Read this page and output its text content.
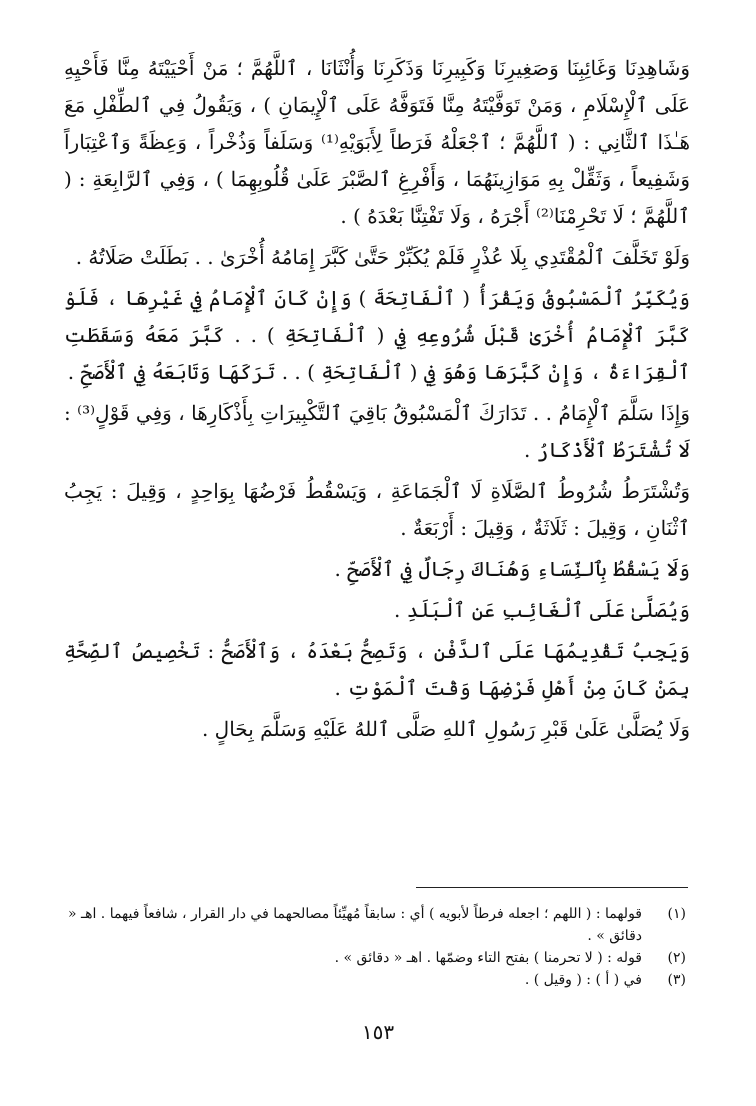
وَشَاهِدِنَا وَغَائِبِنَا وَصَغِيرِنَا وَكَبِيرِنَا وَذَكَرِنَا وَأُنْثَانَا ، ٱللَّهُمَّ ؛ مَنْ أَحْيَيْتَهُ مِنَّا فَأَحْيِهِ عَلَى ٱلْإِسْلَامِ ، وَمَنْ تَوَفَّيْتَهُ مِنَّا فَتَوَفَّهُ عَلَى ٱلْإِيمَانِ ) ، وَيَقُولُ فِي ٱلطِّفْلِ مَعَ هَـٰذَا ٱلثَّانِي : ( ٱللَّهُمَّ ؛ ٱجْعَلْهُ فَرَطاً لِأَبَوَيْهِ⁽¹⁾ وَسَلَفاً وَذُخْراً ، وَعِظَةً وَٱعْتِبَاراً وَشَفِيعاً ، وَثَقِّلْ بِهِ مَوَازِينَهُمَا ، وَأَفْرِغِ ٱلصَّبْرَ عَلَىٰ قُلُوبِهِمَا ) ، وَفِي ٱلرَّابِعَةِ : ( ٱللَّهُمَّ ؛ لَا تَحْرِمْنَا⁽²⁾ أَجْرَهُ ، وَلَا تَفْتِنَّا بَعْدَهُ ) .

وَلَوْ تَخَلَّفَ ٱلْمُقْتَدِي بِلَا عُذْرٍ فَلَمْ يُكَبِّرْ حَتَّىٰ كَبَّرَ إِمَامُهُ أُخْرَىٰ . . بَطَلَتْ صَلَاتُهُ .

وَيُكَبِّرُ ٱلْمَسْبُوقُ وَيَقْرَأُ ( ٱلْفَاتِحَةَ ) وَإِنْ كَانَ ٱلْإِمَامُ فِي غَيْرِهَا ، فَلَوْ كَبَّرَ ٱلْإِمَامُ أُخْرَىٰ قَبْلَ شُرُوعِهِ فِي ( ٱلْفَاتِحَةِ ) . . كَبَّرَ مَعَهُ وَسَقَطَتِ ٱلْقِرَاءَةُ ، وَإِنْ كَبَّرَهَا وَهُوَ فِي ( ٱلْفَاتِحَةِ ) . . تَرَكَهَا وَتَابَعَهُ فِي ٱلْأَصَحِّ .

وَإِذَا سَلَّمَ ٱلْإِمَامُ . . تَدَارَكَ ٱلْمَسْبُوقُ بَاقِيَ ٱلتَّكْبِيرَاتِ بِأَذْكَارِهَا ، وَفِي قَوْلٍ⁽³⁾ : لَا تُشْتَرَطُ ٱلْأَذْكَارُ .

وَتُشْتَرَطُ شُرُوطُ ٱلصَّلَاةِ لَا ٱلْجَمَاعَةِ ، وَيَسْقُطُ فَرْضُهَا بِوَاحِدٍ ، وَقِيلَ : يَجِبُ ٱثْنَانِ ، وَقِيلَ : ثَلَاثَةٌ ، وَقِيلَ : أَرْبَعَةٌ .

وَلَا يَسْقُطُ بِٱلنِّسَاءِ وَهُنَاكَ رِجَالٌ فِي ٱلْأَصَحِّ .

وَيُصَلَّىٰ عَلَى ٱلْغَائِبِ عَنِ ٱلْبَلَدِ .

وَيَجِبُ تَقْدِيمُهَا عَلَى ٱلدَّفْنِ ، وَتَصِحُّ بَعْدَهُ ، وَٱلْأَصَحُّ : تَخْصِيصُ ٱلصِّحَّةِ بِمَنْ كَانَ مِنْ أَهْلِ فَرْضِهَا وَقْتَ ٱلْمَوْتِ .

وَلَا يُصَلَّىٰ عَلَىٰ قَبْرِ رَسُولِ ٱللهِ صَلَّى ٱللهُ عَلَيْهِ وَسَلَّمَ بِحَالٍ .

(١)
قولهما : ( اللهم ؛ اجعله فرطاً لأبويه ) أي : سابقاً مُهيِّئاً مصالحهما في دار القرار ، شافعاً فيهما . اهـ « دقائق » .
(٢)
قوله : ( لا تحرمنا ) بفتح التاء وضمّها . اهـ « دقائق » .
(٣)
في ( أ ) : ( وقيل ) .
١٥٣
